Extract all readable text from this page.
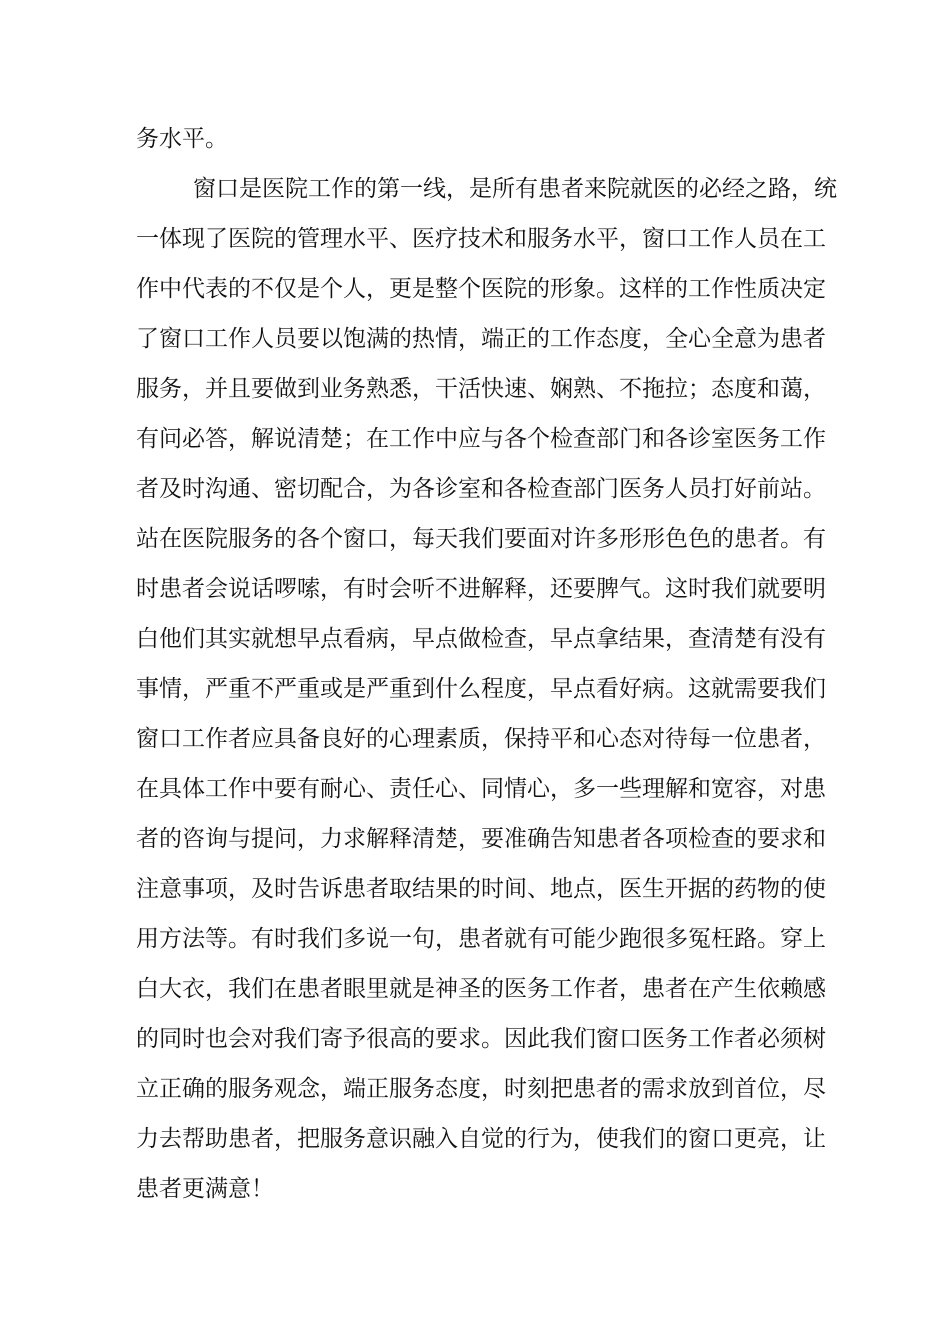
务水平。
窗口是医院工作的第一线，是所有患者来院就医的必经之路，统
一体现了医院的管理水平、医疗技术和服务水平，窗口工作人员在工
作中代表的不仅是个人，更是整个医院的形象。这样的工作性质决定
了窗口工作人员要以饱满的热情，端正的工作态度，全心全意为患者
服务，并且要做到业务熟悉，干活快速、娴熟、不拖拉；态度和蔼，
有问必答，解说清楚；在工作中应与各个检查部门和各诊室医务工作
者及时沟通、密切配合，为各诊室和各检查部门医务人员打好前站。
站在医院服务的各个窗口，每天我们要面对许多形形色色的患者。有
时患者会说话啰嗦，有时会听不进解释，还要脾气。这时我们就要明
白他们其实就想早点看病，早点做检查，早点拿结果，查清楚有没有
事情，严重不严重或是严重到什么程度，早点看好病。这就需要我们
窗口工作者应具备良好的心理素质，保持平和心态对待每一位患者，
在具体工作中要有耐心、责任心、同情心，多一些理解和宽容，对患
者的咨询与提问，力求解释清楚，要准确告知患者各项检查的要求和
注意事项，及时告诉患者取结果的时间、地点，医生开据的药物的使
用方法等。有时我们多说一句，患者就有可能少跑很多冤枉路。穿上
白大衣，我们在患者眼里就是神圣的医务工作者，患者在产生依赖感
的同时也会对我们寄予很高的要求。因此我们窗口医务工作者必须树
立正确的服务观念，端正服务态度，时刻把患者的需求放到首位，尽
力去帮助患者，把服务意识融入自觉的行为，使我们的窗口更亮，让
患者更满意！
